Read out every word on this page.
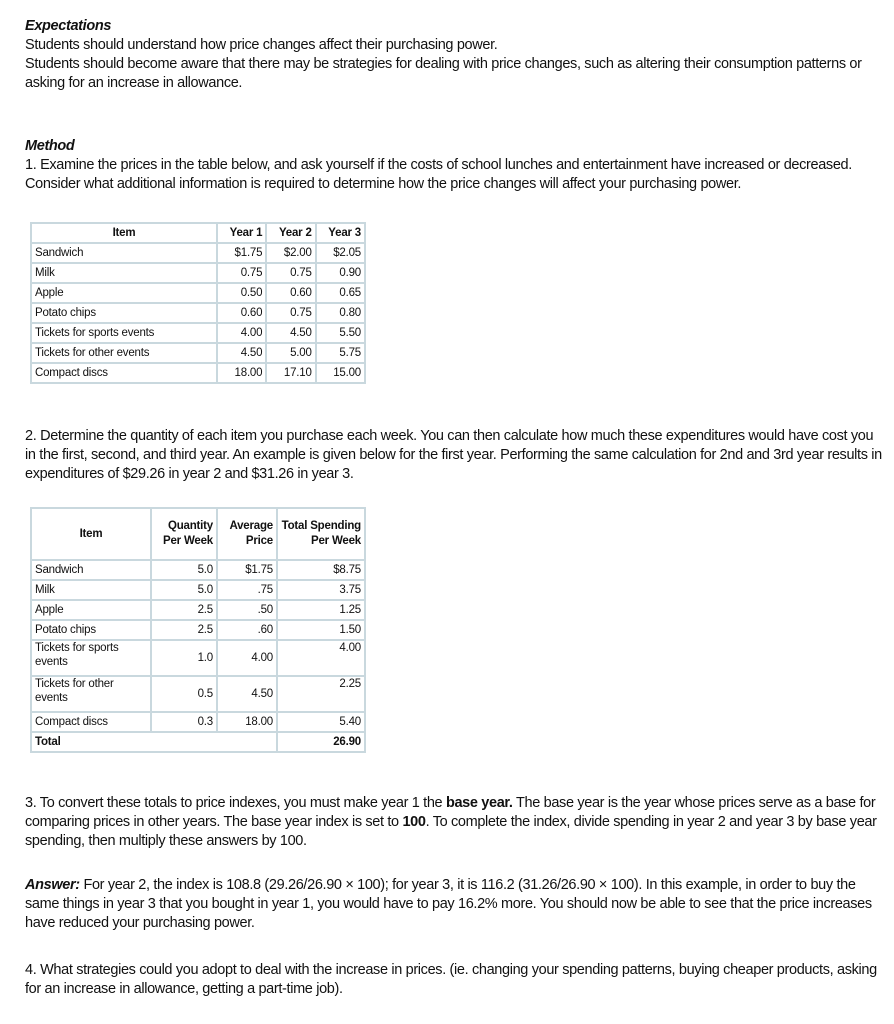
Expectations

Students should understand how price changes affect their purchasing power.

Students should become aware that there may be strategies for dealing with price changes, such as altering their consumption patterns or asking for an increase in allowance.

Method

1. Examine the prices in the table below, and ask yourself if the costs of school lunches and entertainment have increased or decreased. Consider what additional information is required to determine how the price changes will affect your purchasing power.

Item	Year 1	Year 2	Year 3
Sandwich	$1.75	$2.00	$2.05
Milk	0.75	0.75	0.90
Apple	0.50	0.60	0.65
Potato chips	0.60	0.75	0.80
Tickets for sports events	4.00	4.50	5.50
Tickets for other events	4.50	5.00	5.75
Compact discs	18.00	17.10	15.00

2. Determine the quantity of each item you purchase each week. You can then calculate how much these expenditures would have cost you in the first, second, and third year. An example is given below for the first year. Performing the same calculation for 2nd and 3rd year results in expenditures of $29.26 in year 2 and $31.26 in year 3.

Item	Quantity Per Week	Average Price	Total Spending Per Week
Sandwich	5.0	$1.75	$8.75
Milk	5.0	.75	3.75
Apple	2.5	.50	1.25
Potato chips	2.5	.60	1.50
Tickets for sports events	1.0	4.00	4.00
Tickets for other events	0.5	4.50	2.25
Compact discs	0.3	18.00	5.40
Total			26.90

3. To convert these totals to price indexes, you must make year 1 the base year. The base year is the year whose prices serve as a base for comparing prices in other years. The base year index is set to 100. To complete the index, divide spending in year 2 and year 3 by base year spending, then multiply these answers by 100.

Answer: For year 2, the index is 108.8 (29.26/26.90 × 100); for year 3, it is 116.2 (31.26/26.90 × 100). In this example, in order to buy the same things in year 3 that you bought in year 1, you would have to pay 16.2% more. You should now be able to see that the price increases have reduced your purchasing power.

4. What strategies could you adopt to deal with the increase in prices. (ie. changing your spending patterns, buying cheaper products, asking for an increase in allowance, getting a part-time job).
